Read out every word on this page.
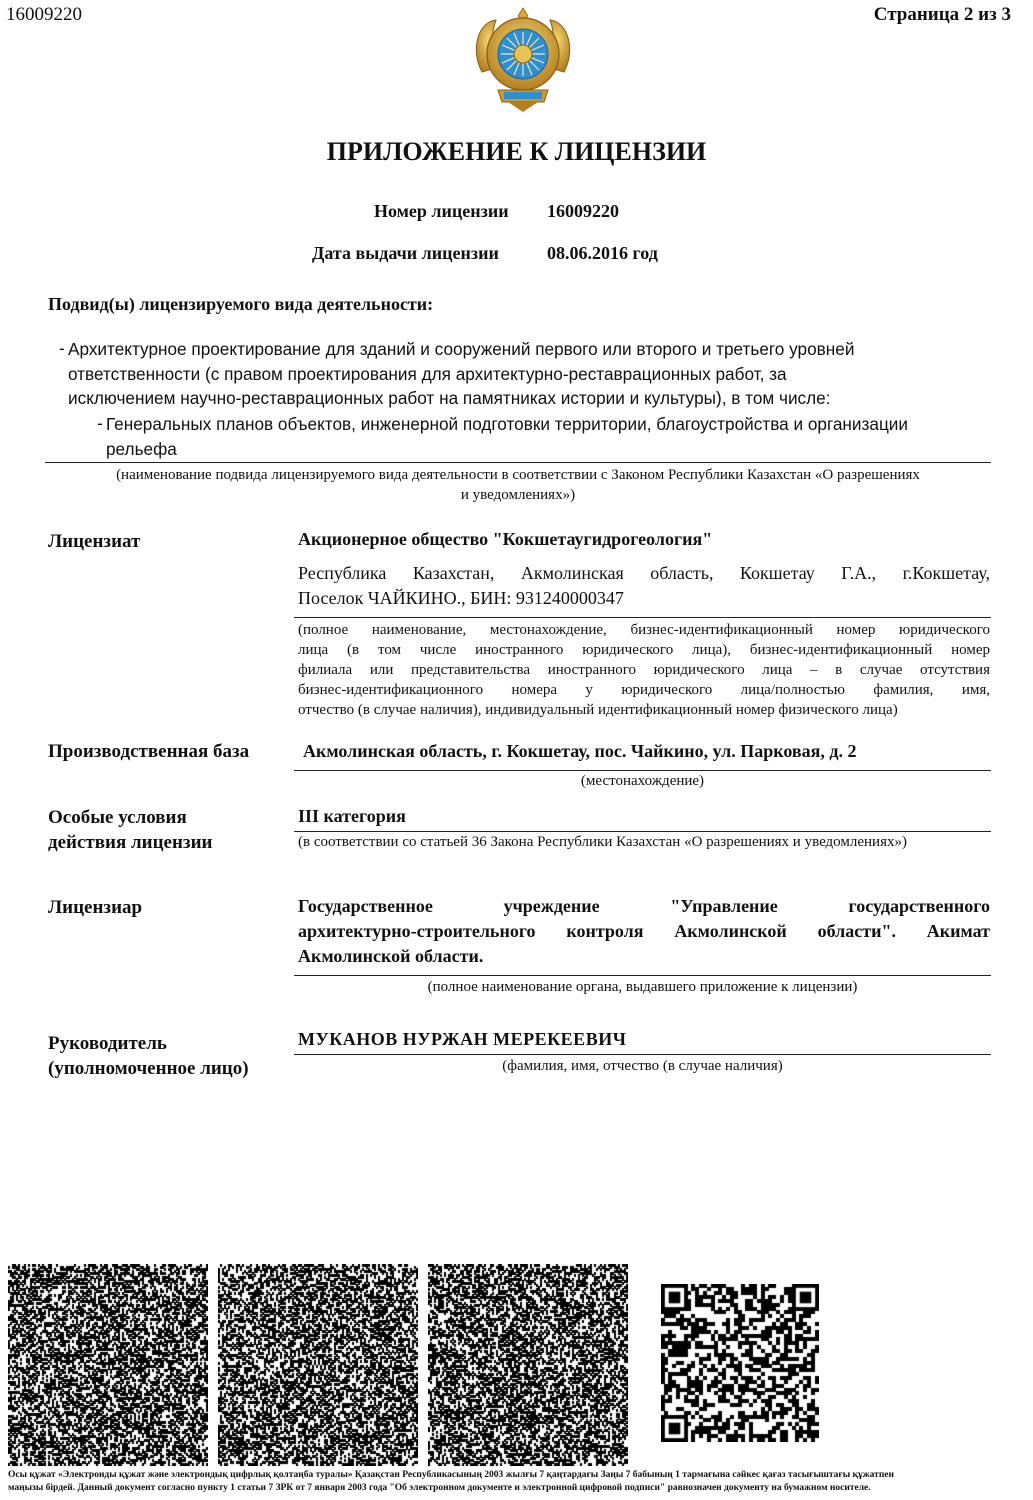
16009220	Страница 2 из 3
ПРИЛОЖЕНИЕ К ЛИЦЕНЗИИ
Номер лицензии 16009220
Дата выдачи лицензии	08.06.2016 год
Подвид(ы) лицензируемого вида деятельности:
- Архитектурное проектирование для зданий и сооружений первого или второго и третьего уровней
ответственности (с правом проектирования для архитектурно-реставрационных работ, за
исключением научно-реставрационных работ на памятниках истории и культуры), в том числе:
- Генеральных планов объектов, инженерной подготовки территории, благоустройства и организации
рельефа
(наименование подвида лицензируемого вида деятельности в соответствии с Законом Республики Казахстан «О разрешениях
и уведомлениях»)
Лицензиат	Акционерное общество "Кокшетаугидрогеология"
Республика Казахстан, Акмолинская область, Кокшетау Г.А., г.Кокшетау,
Поселок ЧАЙКИНО., БИН: 931240000347
(полное наименование, местонахождение, бизнес-идентификационный номер юридического
лица (в том числе иностранного юридического лица), бизнес-идентификационный номер
филиала или представительства иностранного юридического лица – в случае отсутствия
бизнес-идентификационного номера у юридического лица/полностью фамилия, имя,
отчество (в случае наличия), индивидуальный идентификационный номер физического лица)
Производственная база	Акмолинская область, г. Кокшетау, пос. Чайкино, ул. Парковая, д. 2
(местонахождение)
Особые условия
действия лицензии
III категория
(в соответствии со статьей 36 Закона Республики Казахстан «О разрешениях и уведомлениях»)
Лицензиар	Государственное учреждение "Управление государственного
архитектурно-строительного контроля Акмолинской области". Акимат
Акмолинской области.
(полное наименование органа, выдавшего приложение к лицензии)
Руководитель
(уполномоченное лицо)
МУКАНОВ НУРЖАН МЕРЕКЕЕВИЧ
(фамилия, имя, отчество (в случае наличия)
Осы құжат «Электронды құжат және электрондық цифрлық қолтаңба туралы» Қазақстан Республикасының 2003 жылғы 7 қаңтардағы Заңы 7 бабының 1 тармағына сәйкес қағаз тасығыштағы құжатпен
маңызы бірдей. Данный документ согласно пункту 1 статьи 7 ЗРК от 7 января 2003 года "Об электронном документе и электронной цифровой подписи" равнозначен документу на бумажном носителе.
